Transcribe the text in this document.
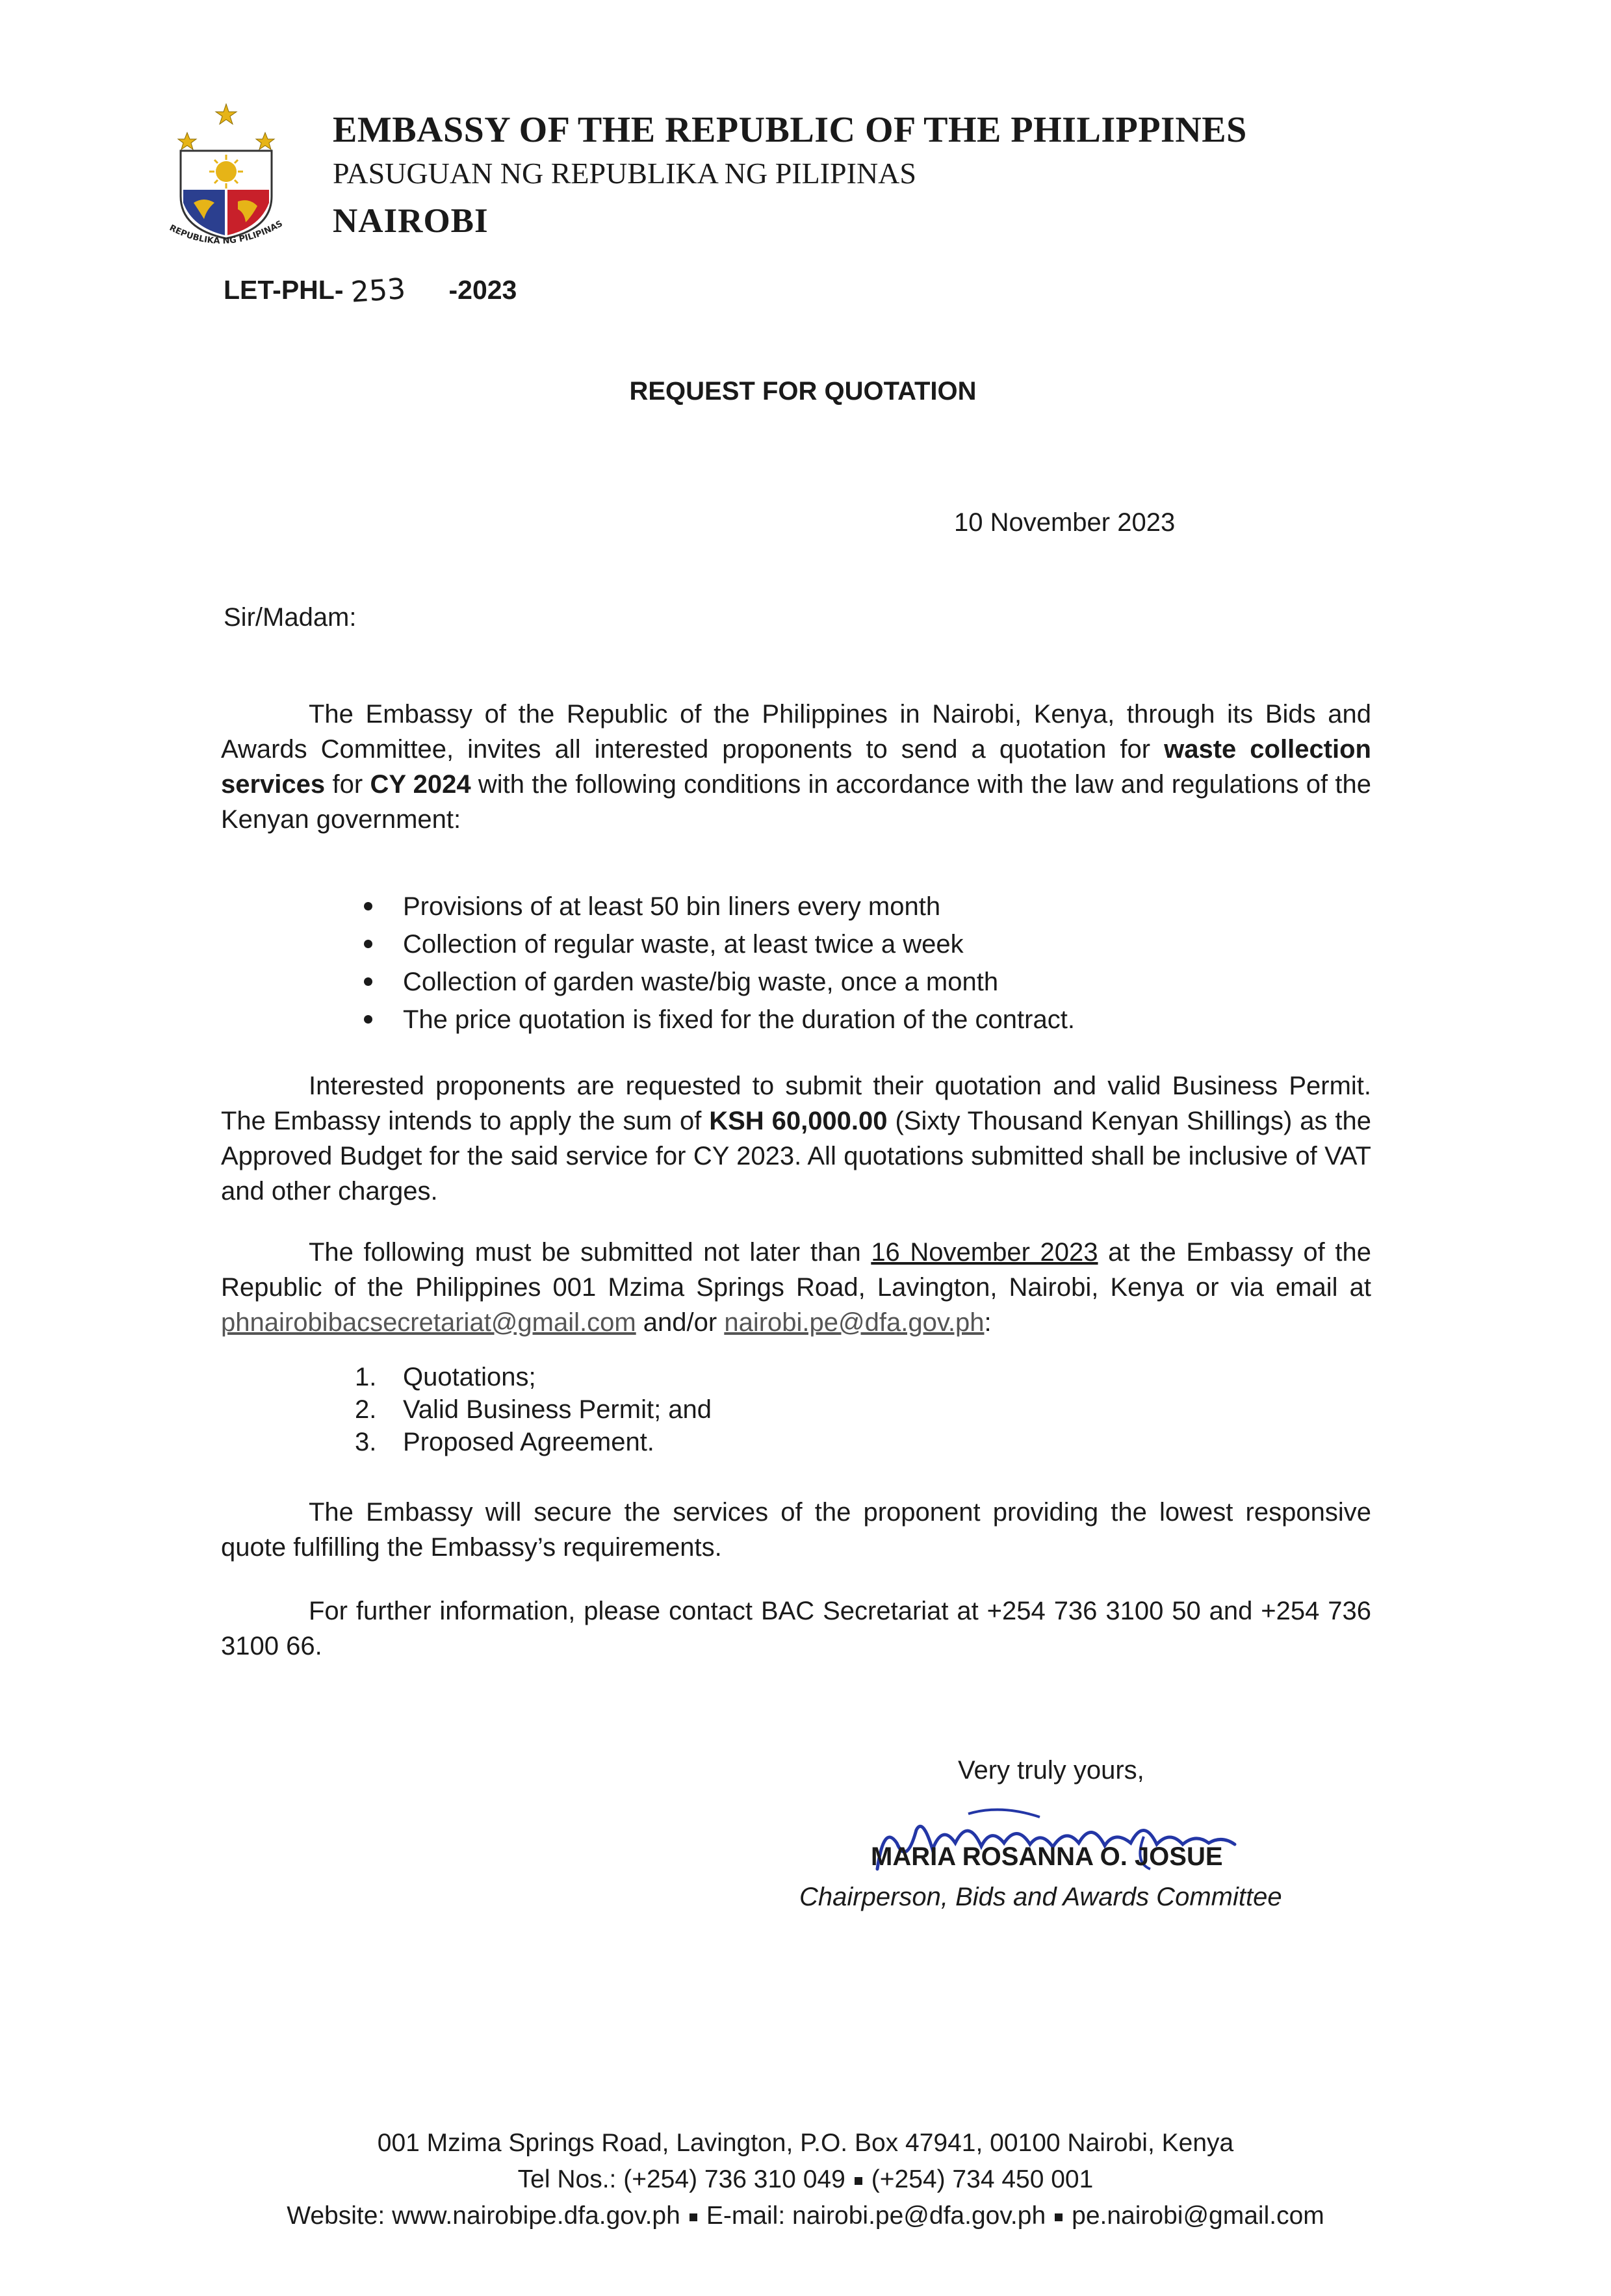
REPUBLIKA NG PILIPINAS
EMBASSY OF THE REPUBLIC OF THE PHILIPPINES
PASUGUAN NG REPUBLIKA NG PILIPINAS
NAIROBI
LET-PHL- 253 -2023
REQUEST FOR QUOTATION
10 November 2023
Sir/Madam:
The Embassy of the Republic of the Philippines in Nairobi, Kenya, through its Bids and Awards Committee, invites all interested proponents to send a quotation for waste collection services for CY 2024 with the following conditions in accordance with the law and regulations of the Kenyan government:
Provisions of at least 50 bin liners every month
Collection of regular waste, at least twice a week
Collection of garden waste/big waste, once a month
The price quotation is fixed for the duration of the contract.
Interested proponents are requested to submit their quotation and valid Business Permit. The Embassy intends to apply the sum of KSH 60,000.00 (Sixty Thousand Kenyan Shillings) as the Approved Budget for the said service for CY 2023. All quotations submitted shall be inclusive of VAT and other charges.
The following must be submitted not later than 16 November 2023 at the Embassy of the Republic of the Philippines 001 Mzima Springs Road, Lavington, Nairobi, Kenya or via email at phnairobibacsecretariat@gmail.com and/or nairobi.pe@dfa.gov.ph:
1. Quotations;
2. Valid Business Permit; and
3. Proposed Agreement.
The Embassy will secure the services of the proponent providing the lowest responsive quote fulfilling the Embassy’s requirements.
For further information, please contact BAC Secretariat at +254 736 3100 50 and +254 736 3100 66.
Very truly yours,
MARIA ROSANNA O. JOSUE
Chairperson, Bids and Awards Committee
001 Mzima Springs Road, Lavington, P.O. Box 47941, 00100 Nairobi, Kenya
Tel Nos.: (+254) 736 310 049 (+254) 734 450 001
Website: www.nairobipe.dfa.gov.ph E-mail: nairobi.pe@dfa.gov.ph pe.nairobi@gmail.com
